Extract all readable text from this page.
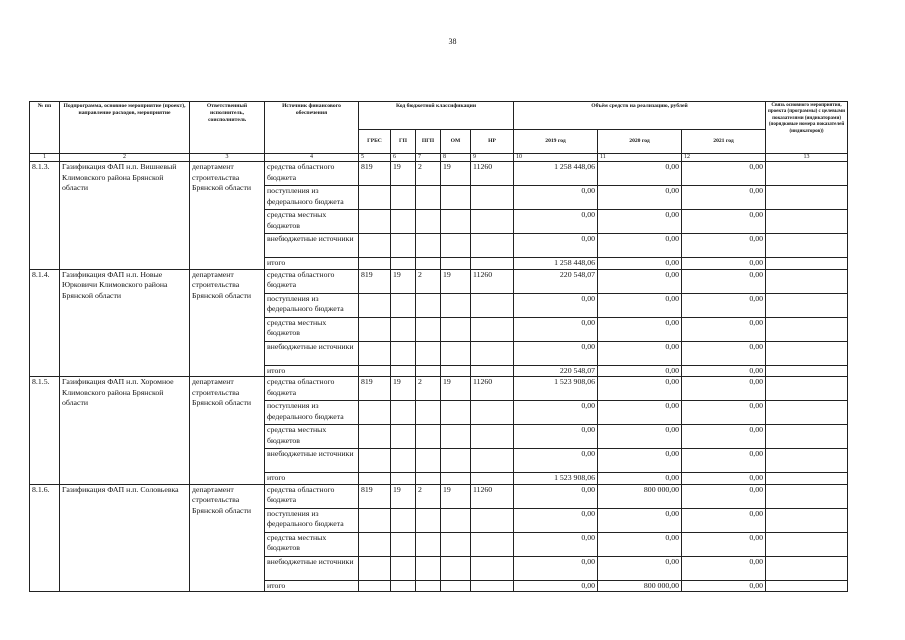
38
№ пп	Подпрограмма, основное мероприятие (проект), направление расходов, мероприятие	Ответственный исполнитель, соисполнитель	Источник финансового обеспечения	Код бюджетной классификации					Объём средств на реализацию, рублей			Связь основного мероприятия, проекта (программы) с целевыми показателями (индикаторами) (порядковые номера показателей (индикаторов))
				ГРБС	ГП	ПГП	ОМ	НР	2019 год	2020 год	2021 год	
1	2	3	4	5	6	7	8	9	10	11	12	13
8.1.3.	Газификация ФАП н.п. Вишневый Климовского района Брянской области	департамент строительства Брянской области	средства областного бюджета	819	19	2	19	11260	1 258 448,06	0,00	0,00	
			поступления из федерального бюджета						0,00	0,00	0,00	
			средства местных бюджетов						0,00	0,00	0,00	
			внебюджетные источники						0,00	0,00	0,00	
			итого						1 258 448,06	0,00	0,00	
8.1.4.	Газификация ФАП н.п. Новые Юрковичи Климовского района Брянской области	департамент строительства Брянской области	средства областного бюджета	819	19	2	19	11260	220 548,07	0,00	0,00	
			поступления из федерального бюджета						0,00	0,00	0,00	
			средства местных бюджетов						0,00	0,00	0,00	
			внебюджетные источники						0,00	0,00	0,00	
			итого						220 548,07	0,00	0,00	
8.1.5.	Газификация ФАП н.п. Хоромное Климовского района Брянской области	департамент строительства Брянской области	средства областного бюджета	819	19	2	19	11260	1 523 908,06	0,00	0,00	
			поступления из федерального бюджета						0,00	0,00	0,00	
			средства местных бюджетов						0,00	0,00	0,00	
			внебюджетные источники						0,00	0,00	0,00	
			итого						1 523 908,06	0,00	0,00	
8.1.6.	Газификация ФАП н.п. Соловьевка	департамент строительства Брянской области	средства областного бюджета	819	19	2	19	11260	0,00	800 000,00	0,00	
			поступления из федерального бюджета						0,00	0,00	0,00	
			средства местных бюджетов						0,00	0,00	0,00	
			внебюджетные источники						0,00	0,00	0,00	
			итого						0,00	800 000,00	0,00	
